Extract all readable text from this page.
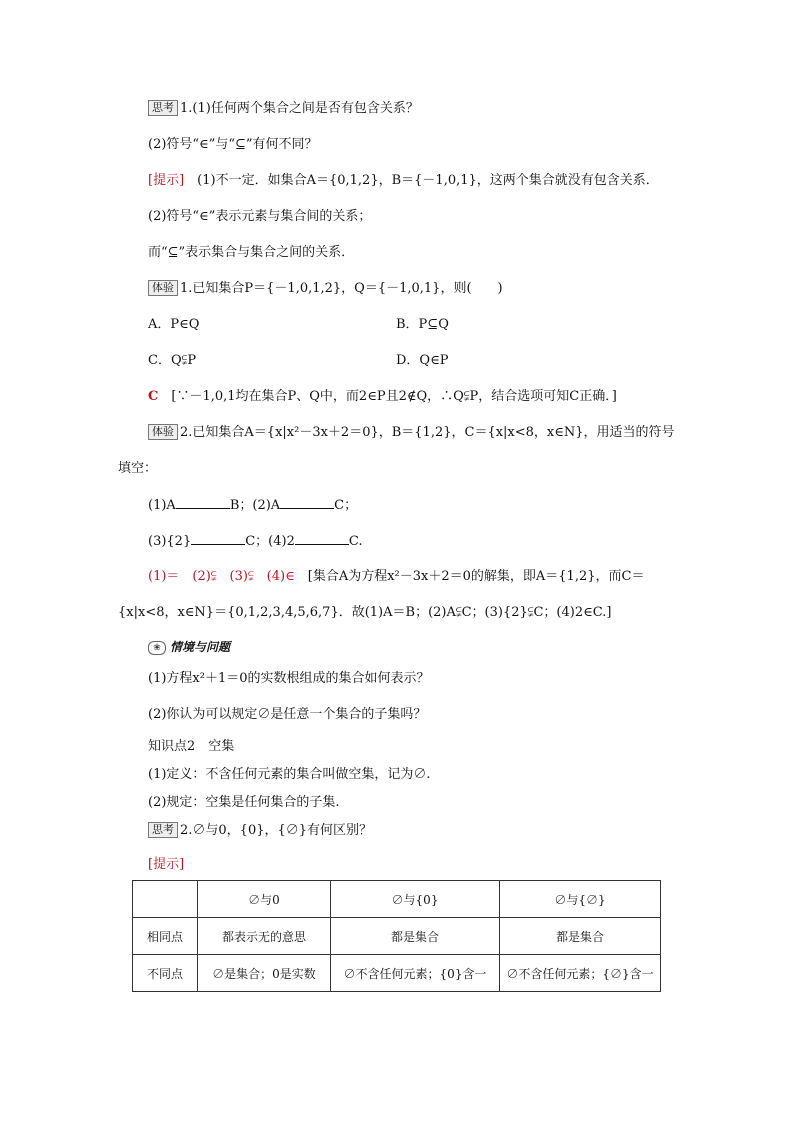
思考 1.(1)任何两个集合之间是否有包含关系？
(2)符号“∈”与“⊆”有何不同？
[提示]　 (1)不一定．如集合A＝{0,1,2}，B＝{－1,0,1}，这两个集合就没有包含关系．
(2)符号“∈”表示元素与集合间的关系；
而“⊆”表示集合与集合之间的关系．
体验 1.已知集合P＝{－1,0,1,2}，Q＝{－1,0,1}，则(　　)
A．P∈Q	B．P⊆Q
C．Q⫋P	D．Q∈P
C　 [∵－1,0,1均在集合P、Q中，而2∈P且2∉Q，∴Q⫋P，结合选项可知C正确．]
体验 2.已知集合A＝{x|x²－3x＋2＝0}，B＝{1,2}，C＝{x|x<8，x∈N}，用适当的符号
填空：
(1)A	B；(2)A	C；
(3){2}	C；(4)2	C.
(1)＝　(2)⫋　(3)⫋　(4)∈　 [集合A为方程x²－3x＋2＝0的解集，即A＝{1,2}，而C＝
{x|x<8，x∈N}＝{0,1,2,3,4,5,6,7}．故(1)A＝B；(2)A⫋C；(3){2}⫋C；(4)2∈C.]
❀ 情境与问题
(1)方程x²＋1＝0的实数根组成的集合如何表示？
(2)你认为可以规定∅是任意一个集合的子集吗？
知识点2　空集
(1)定义：不含任何元素的集合叫做空集，记为∅.
(2)规定：空集是任何集合的子集.
思考 2.∅与0，{0}，{∅}有何区别？
[提示]
	∅与0	∅与{0}	∅与{∅}
相同点	都表示无的意思	都是集合	都是集合
不同点	∅是集合；0是实数	∅不含任何元素；{0}含一	∅不含任何元素；{∅}含一
